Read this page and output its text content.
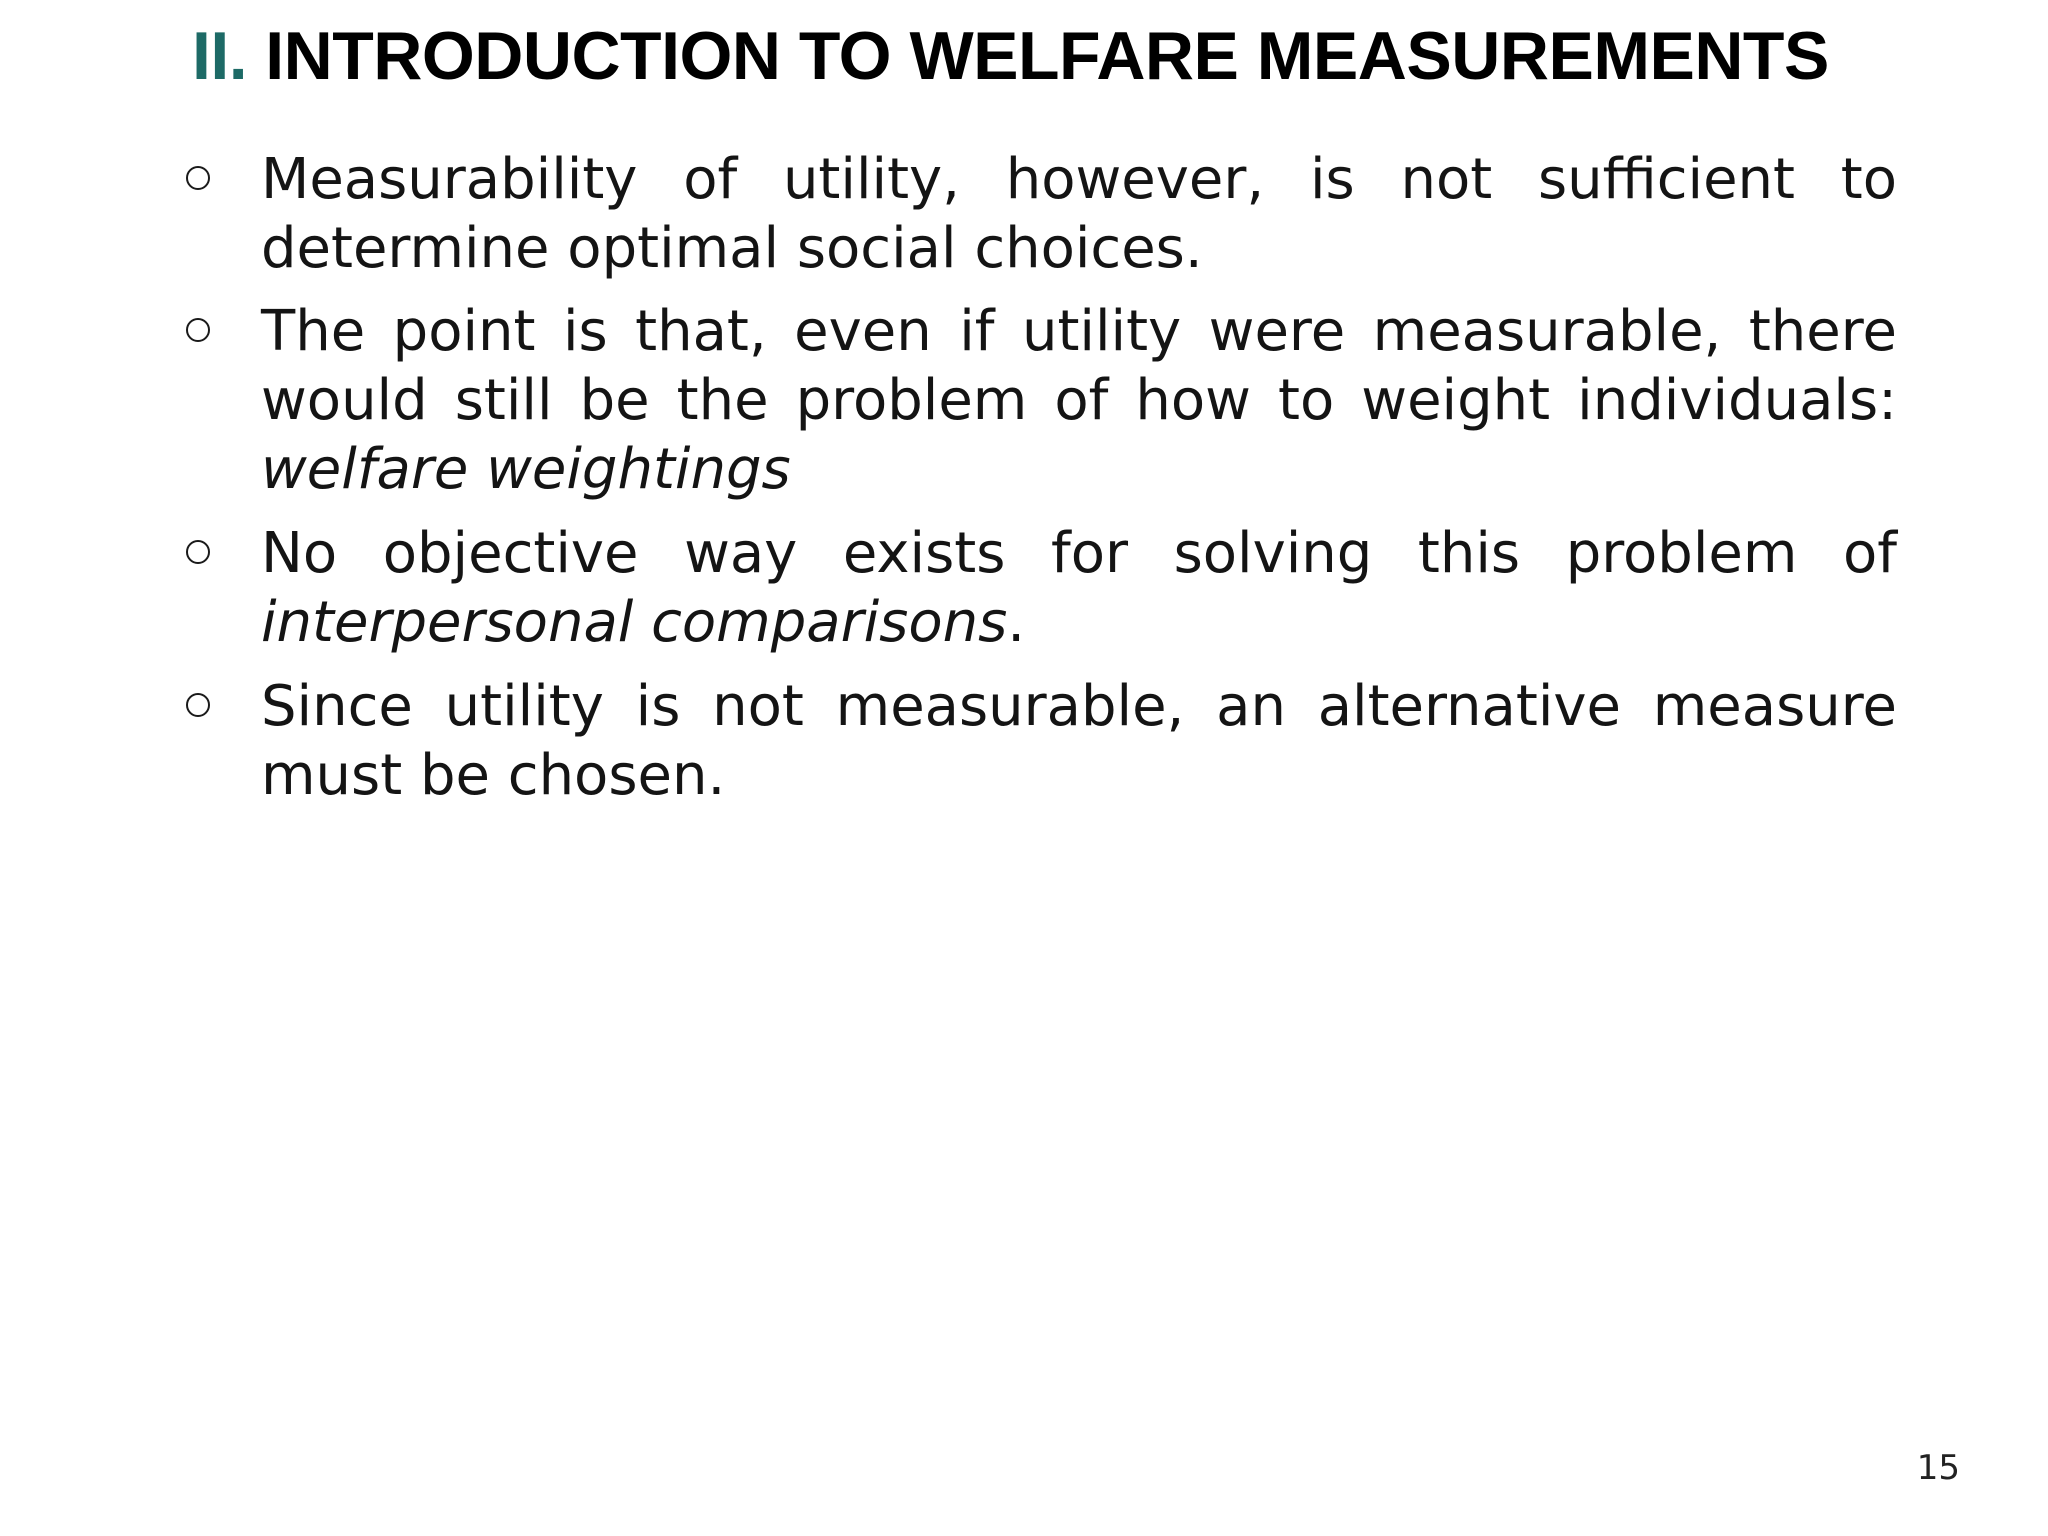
II. INTRODUCTION TO WELFARE MEASUREMENTS
Measurability of utility, however, is not sufficient to determine optimal social choices.
The point is that, even if utility were measurable, there would still be the problem of how to weight individuals: welfare weightings
No objective way exists for solving this problem of interpersonal comparisons.
Since utility is not measurable, an alternative measure must be chosen.
15
